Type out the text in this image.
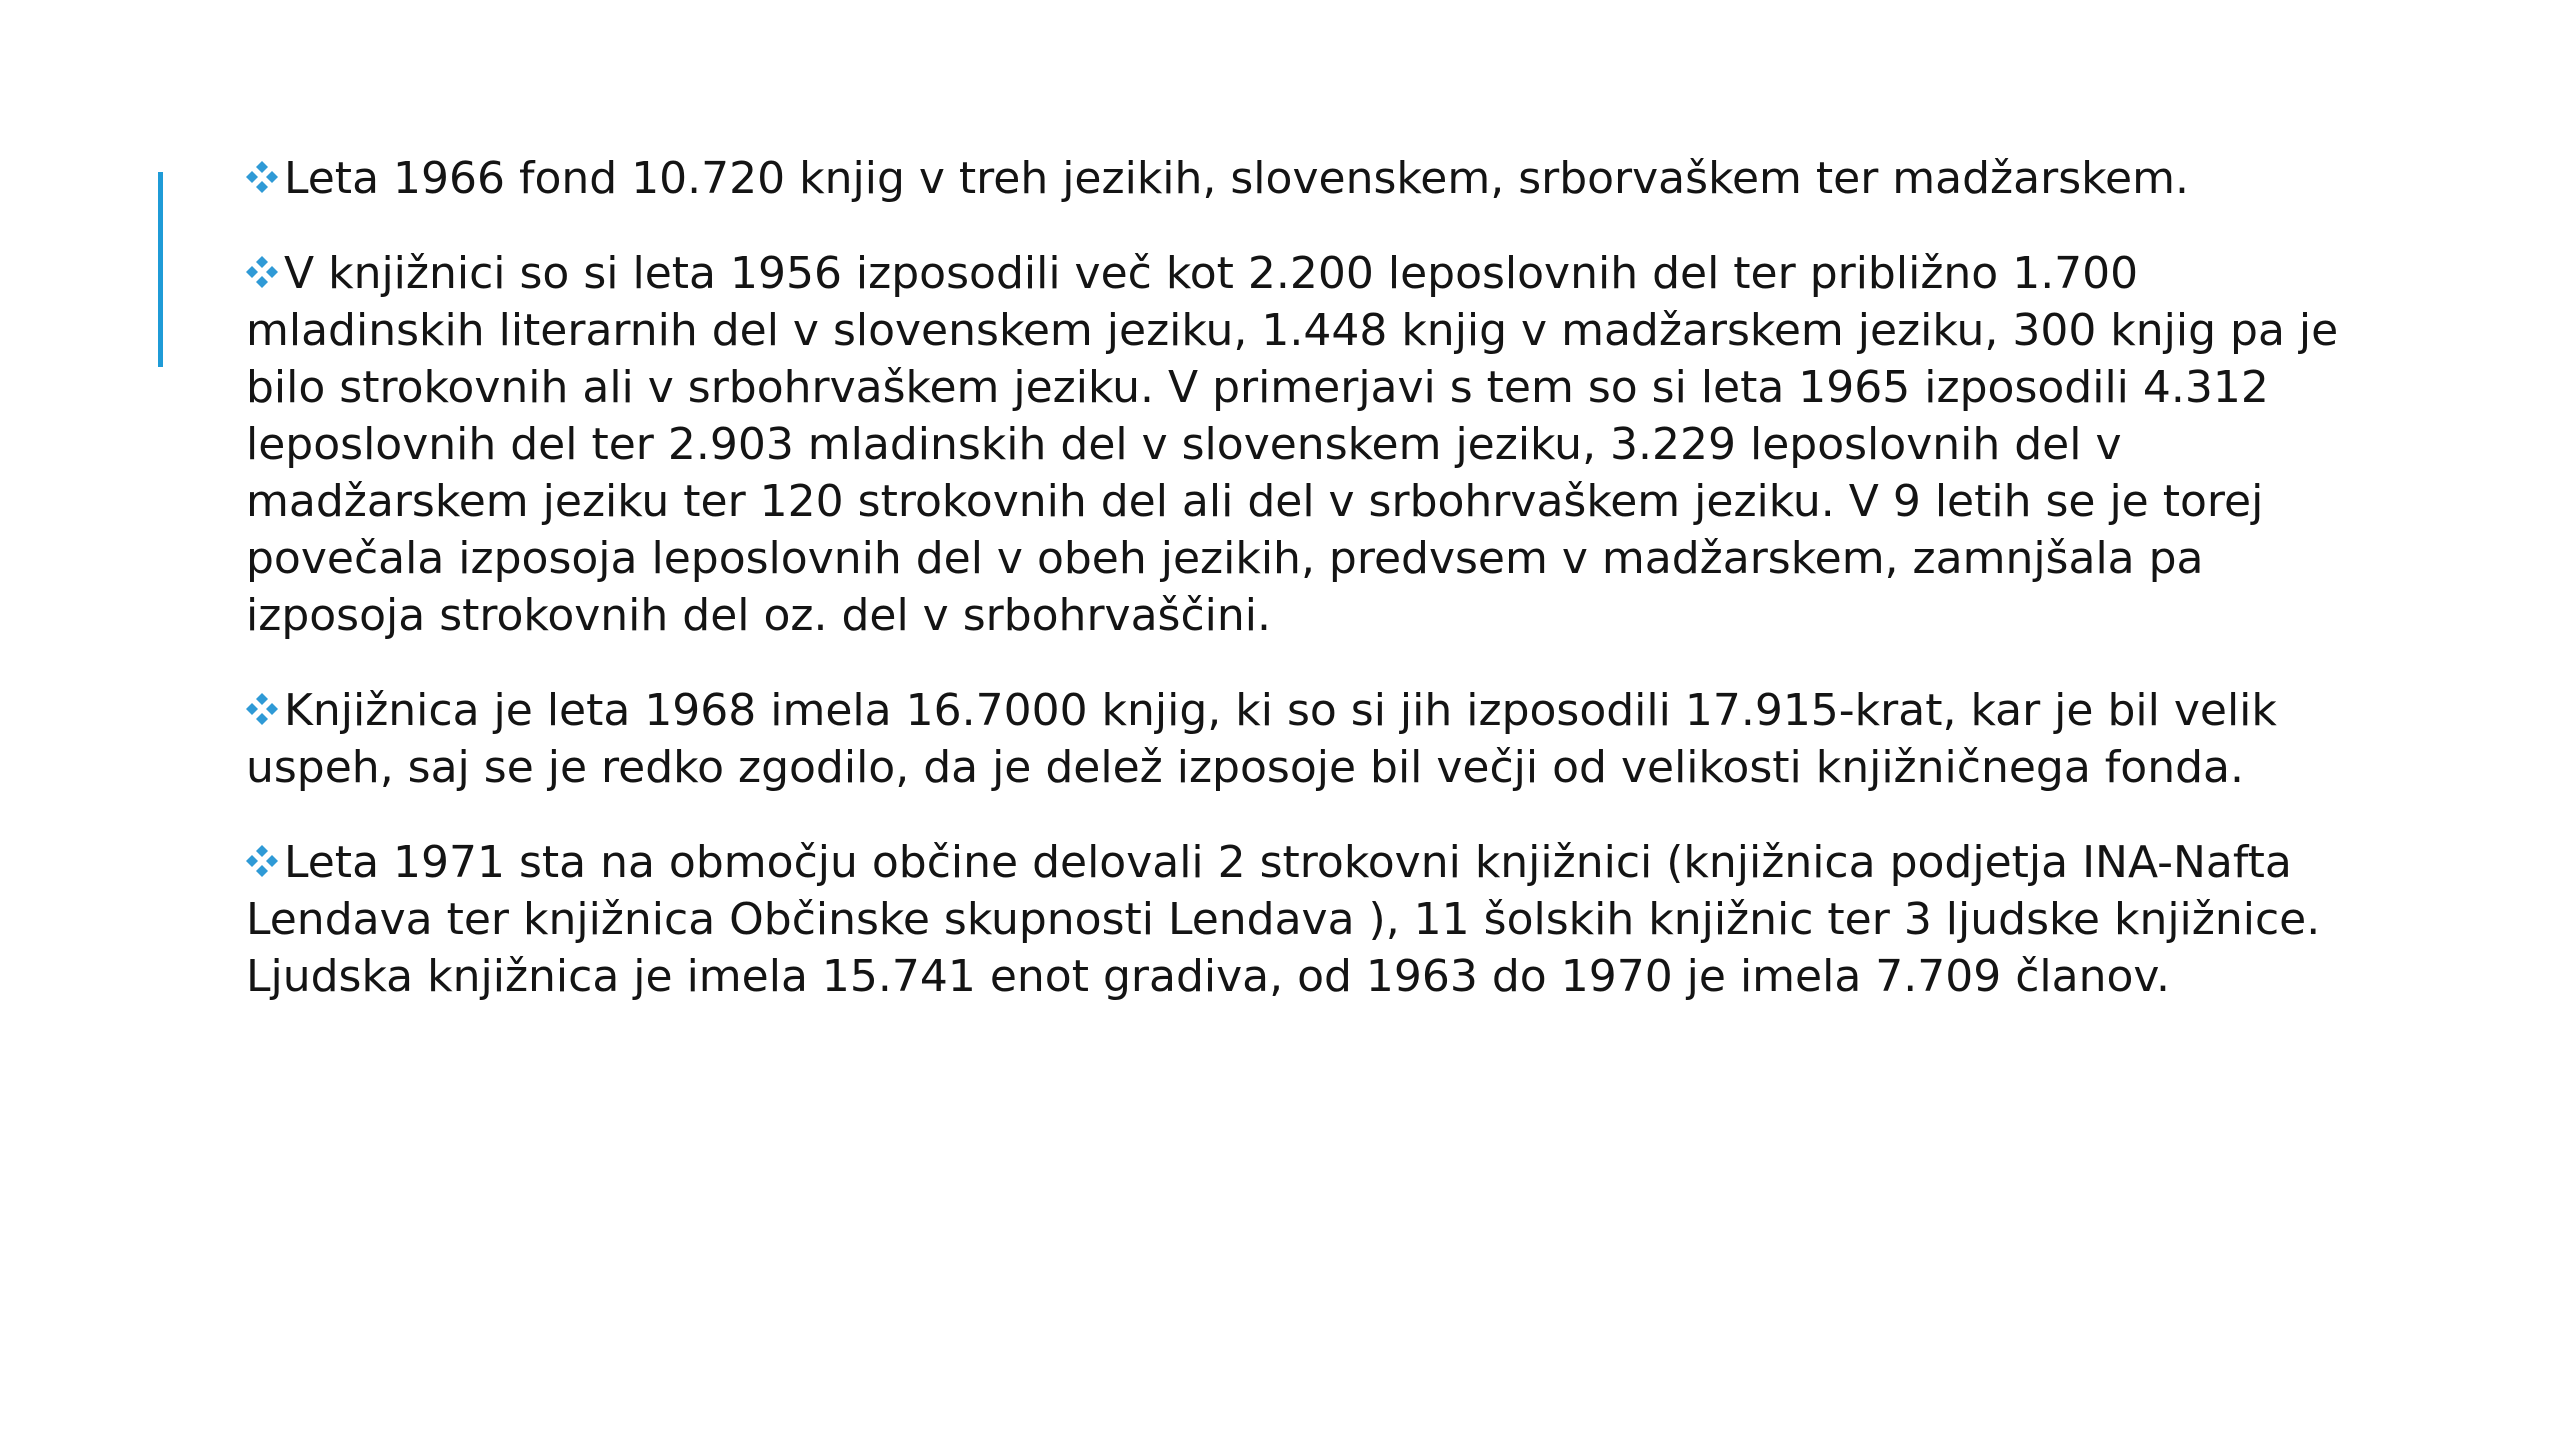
Leta 1966 fond 10.720 knjig v treh jezikih, slovenskem, srborvaškem ter madžarskem.

V knjižnici so si leta 1956 izposodili več kot 2.200 leposlovnih del ter približno 1.700 mladinskih literarnih del v slovenskem jeziku, 1.448 knjig v madžarskem jeziku, 300 knjig pa je bilo strokovnih ali v srbohrvaškem jeziku. V primerjavi s tem so si leta 1965 izposodili 4.312 leposlovnih del ter 2.903 mladinskih del v slovenskem jeziku, 3.229 leposlovnih del v madžarskem jeziku ter 120 strokovnih del ali del v srbohrvaškem jeziku. V 9 letih se je torej povečala izposoja leposlovnih del v obeh jezikih, predvsem v madžarskem, zamnjšala pa izposoja strokovnih del oz. del v srbohrvaščini.

Knjižnica je leta 1968 imela 16.7000 knjig, ki so si jih izposodili 17.915-krat, kar je bil velik uspeh, saj se je redko zgodilo, da je delež izposoje bil večji od velikosti knjižničnega fonda.

Leta 1971 sta na območju občine delovali 2 strokovni knjižnici (knjižnica podjetja INA-Nafta Lendava ter knjižnica Občinske skupnosti Lendava ), 11 šolskih knjižnic ter 3 ljudske knjižnice. Ljudska knjižnica je imela 15.741 enot gradiva, od 1963 do 1970 je imela 7.709 članov.
